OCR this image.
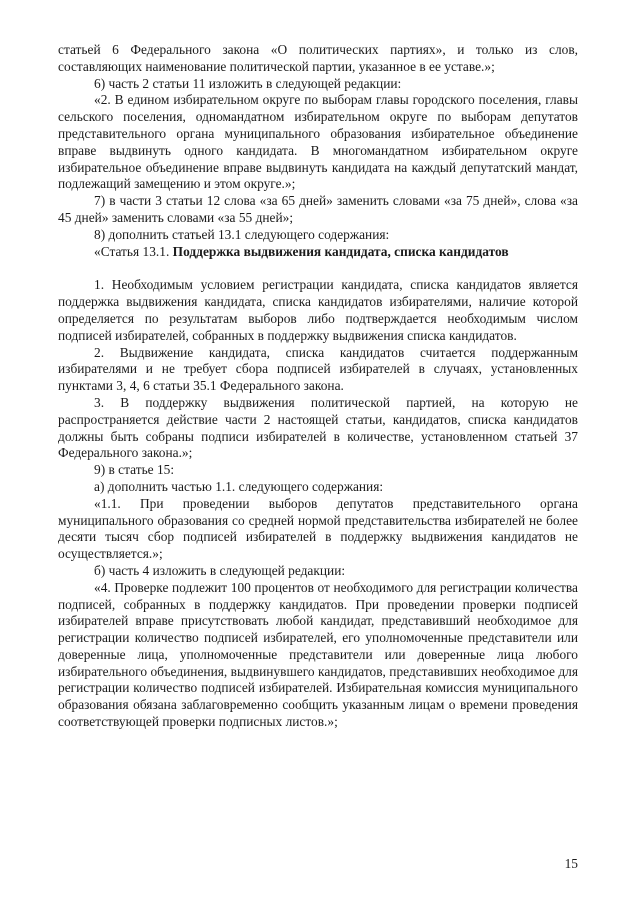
статьей 6 Федерального закона «О политических партиях», и только из слов, составляющих наименование политической партии, указанное в ее уставе.»;

6) часть 2 статьи 11 изложить в следующей редакции:

«2. В едином избирательном округе по выборам главы городского поселения, главы сельского поселения, одномандатном избирательном округе по выборам депутатов представительного органа муниципального образования избирательное объединение вправе выдвинуть одного кандидата. В многомандатном избирательном округе избирательное объединение вправе выдвинуть кандидата на каждый депутатский мандат, подлежащий замещению и этом округе.»;

7) в части 3 статьи 12 слова «за 65 дней» заменить словами «за 75 дней», слова «за 45 дней» заменить словами «за 55 дней»;

8) дополнить статьей 13.1 следующего содержания:

«Статья 13.1. Поддержка выдвижения кандидата, списка кандидатов

1. Необходимым условием регистрации кандидата, списка кандидатов является поддержка выдвижения кандидата, списка кандидатов избирателями, наличие которой определяется по результатам выборов либо подтверждается необходимым числом подписей избирателей, собранных в поддержку выдвижения списка кандидатов.

2. Выдвижение кандидата, списка кандидатов считается поддержанным избирателями и не требует сбора подписей избирателей в случаях, установленных пунктами 3, 4, 6 статьи 35.1 Федерального закона.

3. В поддержку выдвижения политической партией, на которую не распространяется действие части 2 настоящей статьи, кандидатов, списка кандидатов должны быть собраны подписи избирателей в количестве, установленном статьей 37 Федерального закона.»;

9) в статье 15:

а) дополнить частью 1.1. следующего содержания:

«1.1. При проведении выборов депутатов представительного органа муниципального образования со средней нормой представительства избирателей не более десяти тысяч сбор подписей избирателей в поддержку выдвижения кандидатов не осуществляется.»;

б) часть 4 изложить в следующей редакции:

«4. Проверке подлежит 100 процентов от необходимого для регистрации количества подписей, собранных в поддержку кандидатов. При проведении проверки подписей избирателей вправе присутствовать любой кандидат, представивший необходимое для регистрации количество подписей избирателей, его уполномоченные представители или доверенные лица, уполномоченные представители или доверенные лица любого избирательного объединения, выдвинувшего кандидатов, представивших необходимое для регистрации количество подписей избирателей. Избирательная комиссия муниципального образования обязана заблаговременно сообщить указанным лицам о времени проведения соответствующей проверки подписных листов.»;

15
